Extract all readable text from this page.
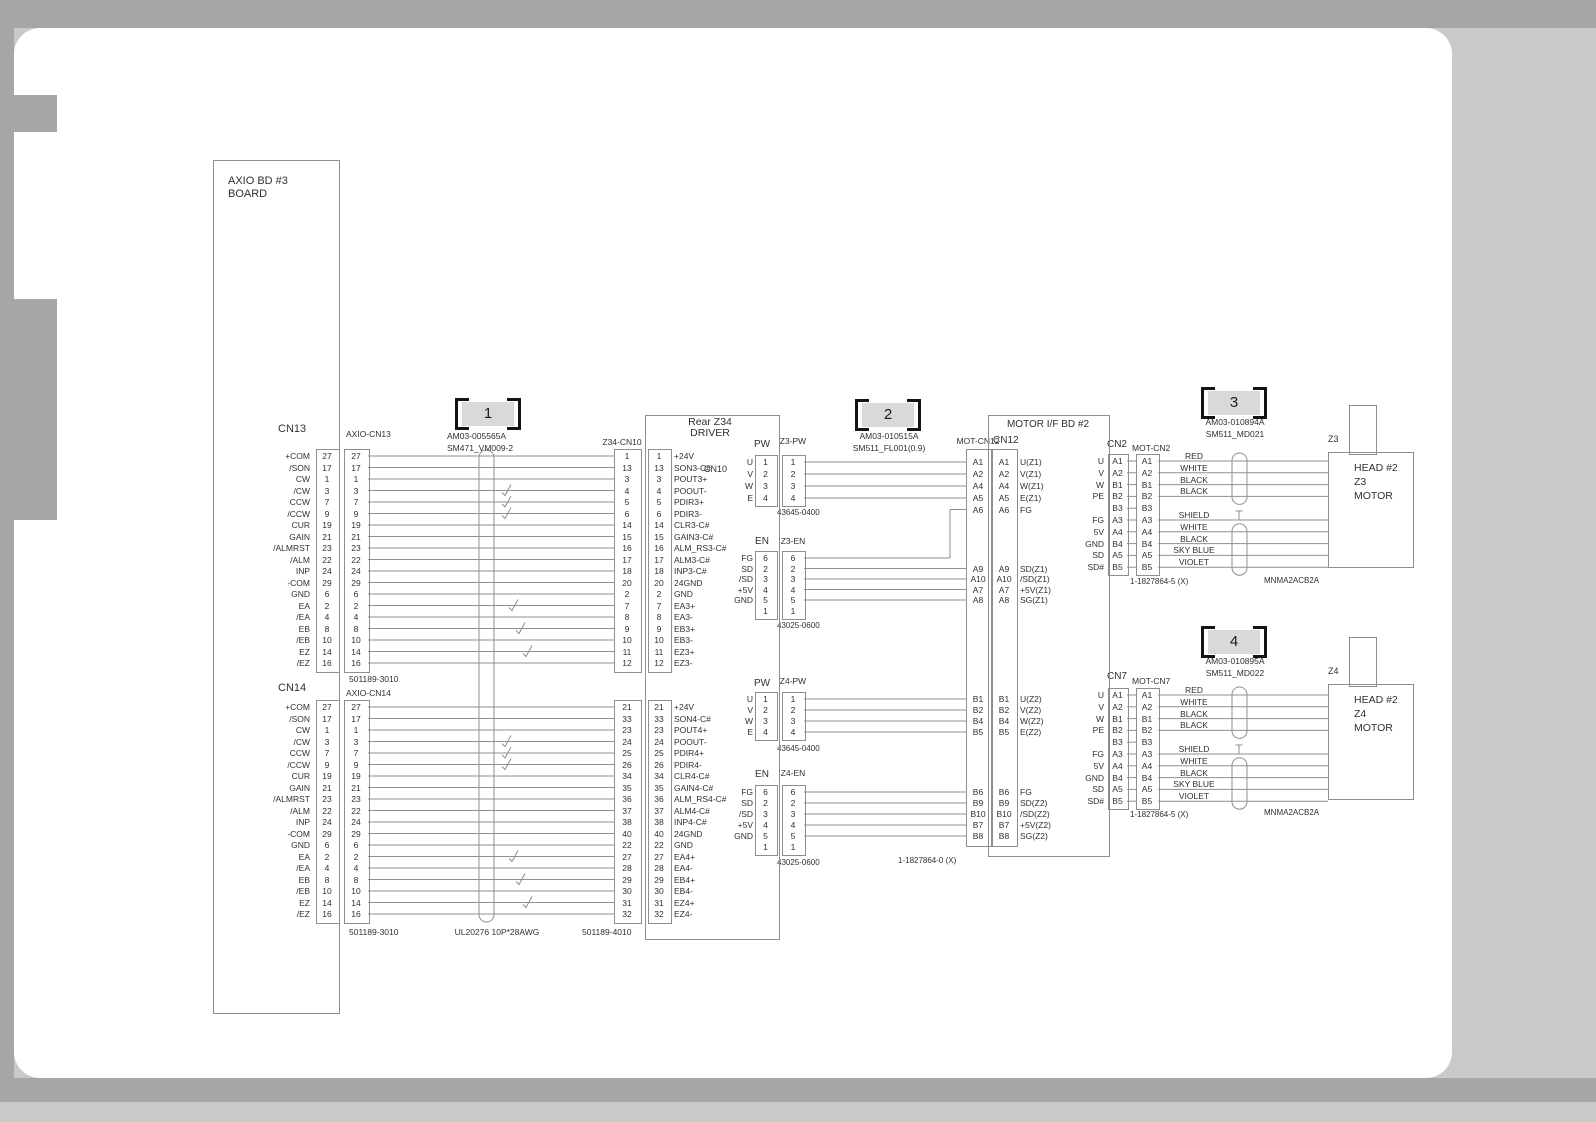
AXIO BD #3
BOARD
CN13	AXIO-CN13
501189-3010
CN14	AXIO-CN14
501189-3010
1
AM03-005565A
SM471_VM009-2
UL20276 10P*28AWG
Z34-CN10
501189-4010
Rear Z34
DRIVER
CN10
PW
EN
PW
EN
Z3-PW
43645-0400
Z3-EN
43025-0600
Z4-PW
43645-0400
Z4-EN
43025-0600
2
AM03-010515A
SM511_FL001(0.9)
MOT-CN12
1-1827864-0 (X)
MOTOR I/F BD #2
CN12	CN2
CN7
MOT-CN2
1-1827864-5 (X)
MOT-CN7
1-1827864-5 (X)
3
AM03-010894A
SM511_MD021
MNMA2ACB2A
Z3
HEAD #2
Z3
MOTOR
4
AM03-010895A
SM511_MD022
MNMA2ACB2A
Z4
HEAD #2
Z4
MOTOR
+COM	27	27	1	1	+24V
/SON	17	17	13	13	SON3-C#
CW	1	1	3	3	POUT3+
/CW	3	3	4	4	POOUT-
CCW	7	7	5	5	PDIR3+
/CCW	9	9	6	6	PDIR3-
CUR	19	19	14	14	CLR3-C#
GAIN	21	21	15	15	GAIN3-C#
/ALMRST	23	23	16	16	ALM_RS3-C#
/ALM	22	22	17	17	ALM3-C#
INP	24	24	18	18	INP3-C#
-COM	29	29	20	20	24GND
GND	6	6	2	2	GND
EA	2	2	7	7	EA3+
/EA	4	4	8	8	EA3-
EB	8	8	9	9	EB3+
/EB	10	10	10	10	EB3-
EZ	14	14	11	11	EZ3+
/EZ	16	16	12	12	EZ3-
+COM	27	27	21	21	+24V
/SON	17	17	33	33	SON4-C#
CW	1	1	23	23	POUT4+
/CW	3	3	24	24	POOUT-
CCW	7	7	25	25	PDIR4+
/CCW	9	9	26	26	PDIR4-
CUR	19	19	34	34	CLR4-C#
GAIN	21	21	35	35	GAIN4-C#
/ALMRST	23	23	36	36	ALM_RS4-C#
/ALM	22	22	37	37	ALM4-C#
INP	24	24	38	38	INP4-C#
-COM	29	29	40	40	24GND
GND	6	6	22	22	GND
EA	2	2	27	27	EA4+
/EA	4	4	28	28	EA4-
EB	8	8	29	29	EB4+
/EB	10	10	30	30	EB4-
EZ	14	14	31	31	EZ4+
/EZ	16	16	32	32	EZ4-
U	1	1
V	2	2
W	3	3
E	4	4
FG	6	6
SD	2	2
/SD	3	3
+5V	4	4
GND	5	5
1	1
U	1	1
V	2	2
W	3	3
E	4	4
FG	6	6
SD	2	2
/SD	3	3
+5V	4	4
GND	5	5
1	1
A1	A1	U(Z1)
A2	A2	V(Z1)
A4	A4	W(Z1)
A5	A5	E(Z1)
A6	A6	FG
A9	A9	SD(Z1)
A10	A10 /SD(Z1)
A7	A7	+5V(Z1)
A8	A8	SG(Z1)
B1	B1	U(Z2)
B2	B2	V(Z2)
B4	B4	W(Z2)
B5	B5	E(Z2)
B6	B6	FG
B9	B9	SD(Z2)
B10	B10 /SD(Z2)
B7	B7	+5V(Z2)
B8	B8	SG(Z2)
U A1	A1	RED
V A2	A2	WHITE
W B1	B1	BLACK
PE B2	B2	BLACK
B3	B3
FG A3	A3	SHIELD
5V A4	A4	WHITE
GND B4	B4	BLACK
SD A5	A5	SKY BLUE
SD# B5	B5	VIOLET
U A1	A1	RED
V A2	A2	WHITE
W B1	B1	BLACK
PE B2	B2	BLACK
B3	B3
FG A3	A3	SHIELD
5V A4	A4	WHITE
GND B4	B4	BLACK
SD A5	A5	SKY BLUE
SD# B5	B5	VIOLET
